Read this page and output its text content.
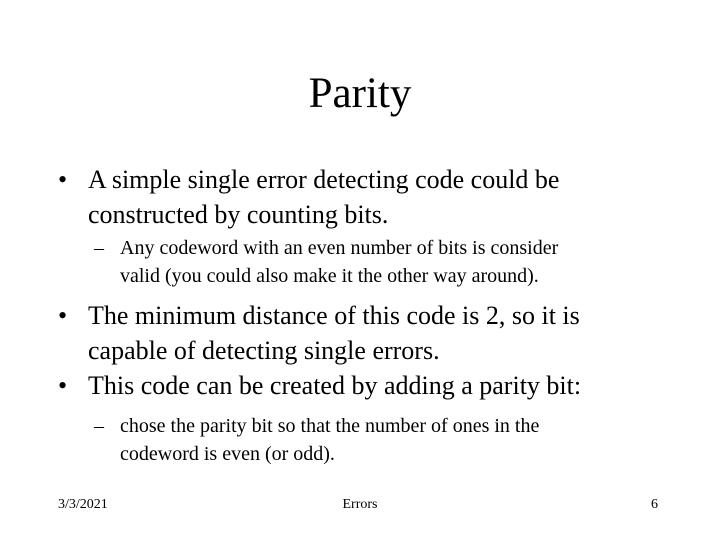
Parity
• A simple single error detecting code could be
constructed by counting bits.
– Any codeword with an even number of bits is consider
valid (you could also make it the other way around).
• The minimum distance of this code is 2, so it is
capable of detecting single errors.
• This code can be created by adding a parity bit:
– chose the parity bit so that the number of ones in the
codeword is even (or odd).
3/3/2021	Errors	6
